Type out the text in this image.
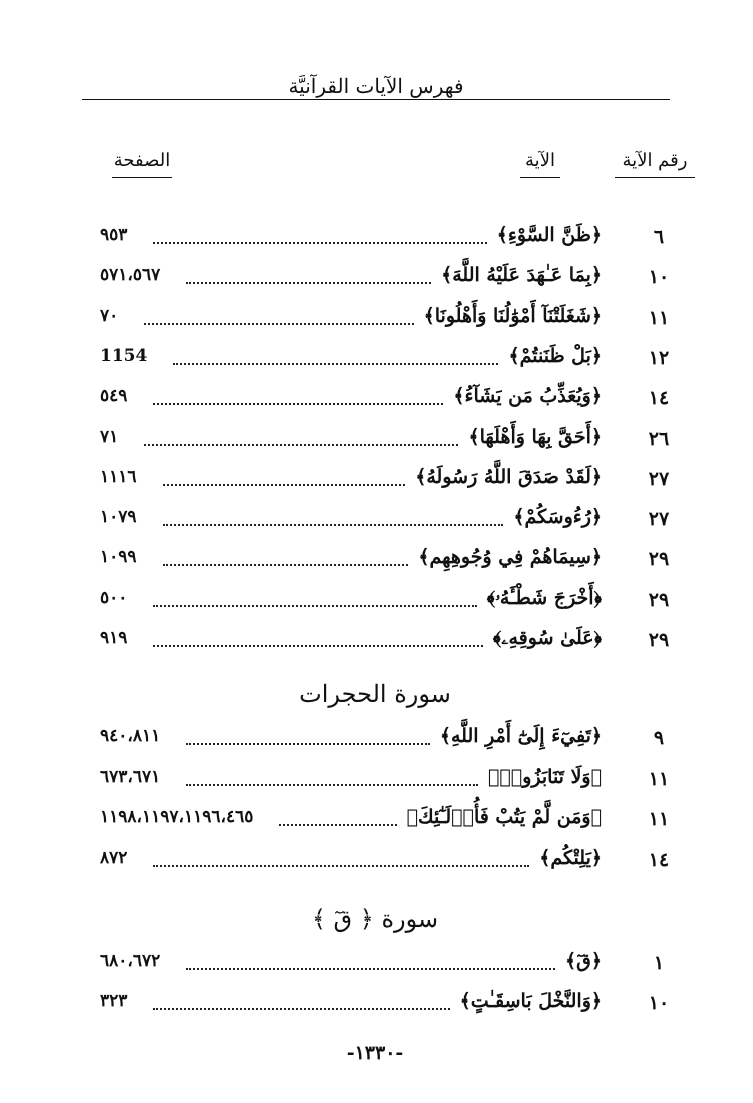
فهرس الآيات القرآنيَّة
رقم الآية
الآية
الصفحة
٦
﴿ظَنَّ السَّوْءِ﴾
٩٥٣
١٠
﴿بِمَا عَـٰهَدَ عَلَيْهُ اللَّهَ﴾
٥٧١،٥٦٧
١١
﴿شَغَلَتْنَآ أَمْوَٰلُنَا وَأَهْلُونَا﴾
٧٠
١٢
﴿بَلْ ظَنَنتُمْ﴾
1154
١٤
﴿وَيُعَذِّبُ مَن يَشَآءُ﴾
٥٤٩
٢٦
﴿أَحَقَّ بِهَا وَأَهْلَهَا﴾
٧١
٢٧
﴿لَقَدْ صَدَقَ اللَّهُ رَسُولَهُ﴾
١١١٦
٢٧
﴿رُءُوسَكُمْ﴾
١٠٧٩
٢٩
﴿سِيمَاهُمْ فِي وُجُوهِهِم﴾
١٠٩٩
٢٩
﴿أَخْرَجَ شَطْـَٔهُۥ﴾
٥٠٠
٢٩
﴿عَلَىٰ سُوقِهِۦ﴾
٩١٩
سورة الحجرات
٩
﴿تَفِيٓءَ إِلَىٰٓ أَمْرِ اللَّهِ﴾
٩٤٠،٨١١
١١
﴿وَلَا تَنَابَزُوا۟﴾
٦٧٣،٦٧١
١١
﴿وَمَن لَّمْ يَتُبْ فَأُو۟لَـٰٓئِكَ﴾
١١٩٨،١١٩٧،١١٩٦،٤٦٥
١٤
﴿يَلِتْكُم﴾
٨٧٢
سورة ﴿ قٓ ﴾
١
﴿قٓ﴾
٦٨٠،٦٧٢
١٠
﴿وَالنَّخْلَ بَاسِقَـٰتٍ﴾
٣٢٣
-١٣٣٠-
